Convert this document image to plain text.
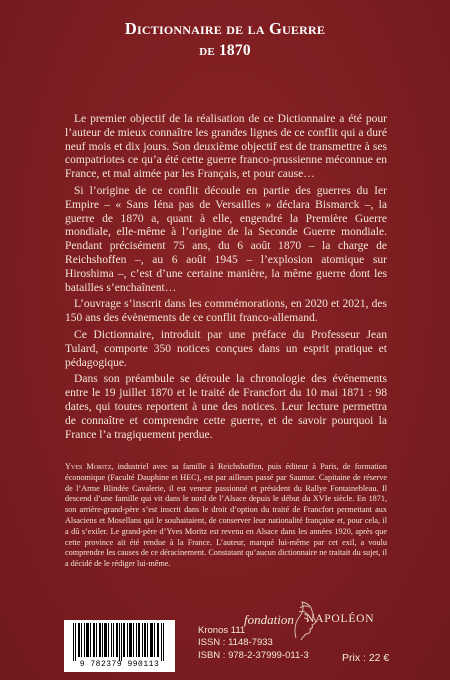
Dictionnaire de la Guerre
de 1870

Le premier objectif de la réalisation de ce Dictionnaire a été pour l’auteur de mieux connaître les grandes lignes de ce conflit qui a duré neuf mois et dix jours. Son deuxième objectif est de transmettre à ses compatriotes ce qu’a été cette guerre franco-prussienne méconnue en France, et mal aimée par les Français, et pour cause…

Si l’origine de ce conflit découle en partie des guerres du Ier Empire – « Sans Iéna pas de Versailles » déclara Bismarck –, la guerre de 1870 a, quant à elle, engendré la Première Guerre mondiale, elle-même à l’origine de la Seconde Guerre mondiale. Pendant précisément 75 ans, du 6 août 1870 – la charge de Reichshoffen –, au 6 août 1945 – l’explosion atomique sur Hiroshima –, c’est d’une certaine manière, la même guerre dont les batailles s’enchaînent…

L’ouvrage s’inscrit dans les commémorations, en 2020 et 2021, des 150 ans des évènements de ce conflit franco-allemand.

Ce Dictionnaire, introduit par une préface du Professeur Jean Tulard, comporte 350 notices conçues dans un esprit pratique et pédagogique.

Dans son préambule se déroule la chronologie des événements entre le 19 juillet 1870 et le traité de Francfort du 10 mai 1871 : 98 dates, qui toutes reportent à une des notices. Leur lecture permettra de connaître et comprendre cette guerre, et de savoir pourquoi la France l’a tragiquement perdue.

Yves Moritz, industriel avec sa famille à Reichshoffen, puis éditeur à Paris, de formation économique (Faculté Dauphine et HEC), est par ailleurs passé par Saumur. Capitaine de réserve de l’Arme Blindée Cavalerie, il est veneur passionné et président du Rallye Fontainebleau. Il descend d’une famille qui vit dans le nord de l’Alsace depuis le début du XVIe siècle. En 1871, son arrière-grand-père s’est inscrit dans le droit d’option du traité de Francfort permettant aux Alsaciens et Mosellans qui le souhaitaient, de conserver leur nationalité française et, pour cela, il a dû s’exiler. Le grand-père d’Yves Moritz est revenu en Alsace dans les années 1920, après que cette province ait été rendue à la France. L’auteur, marqué lui-même par cet exil, a voulu comprendre les causes de ce déracinement. Constatant qu’aucun dictionnaire ne traitait du sujet, il a décidé de le rédiger lui-même.

fondation NAPOLÉON
9 782379 990113
Kronos 111
ISSN : 1148-7933
ISBN : 978-2-37999-011-3	Prix : 22 €
